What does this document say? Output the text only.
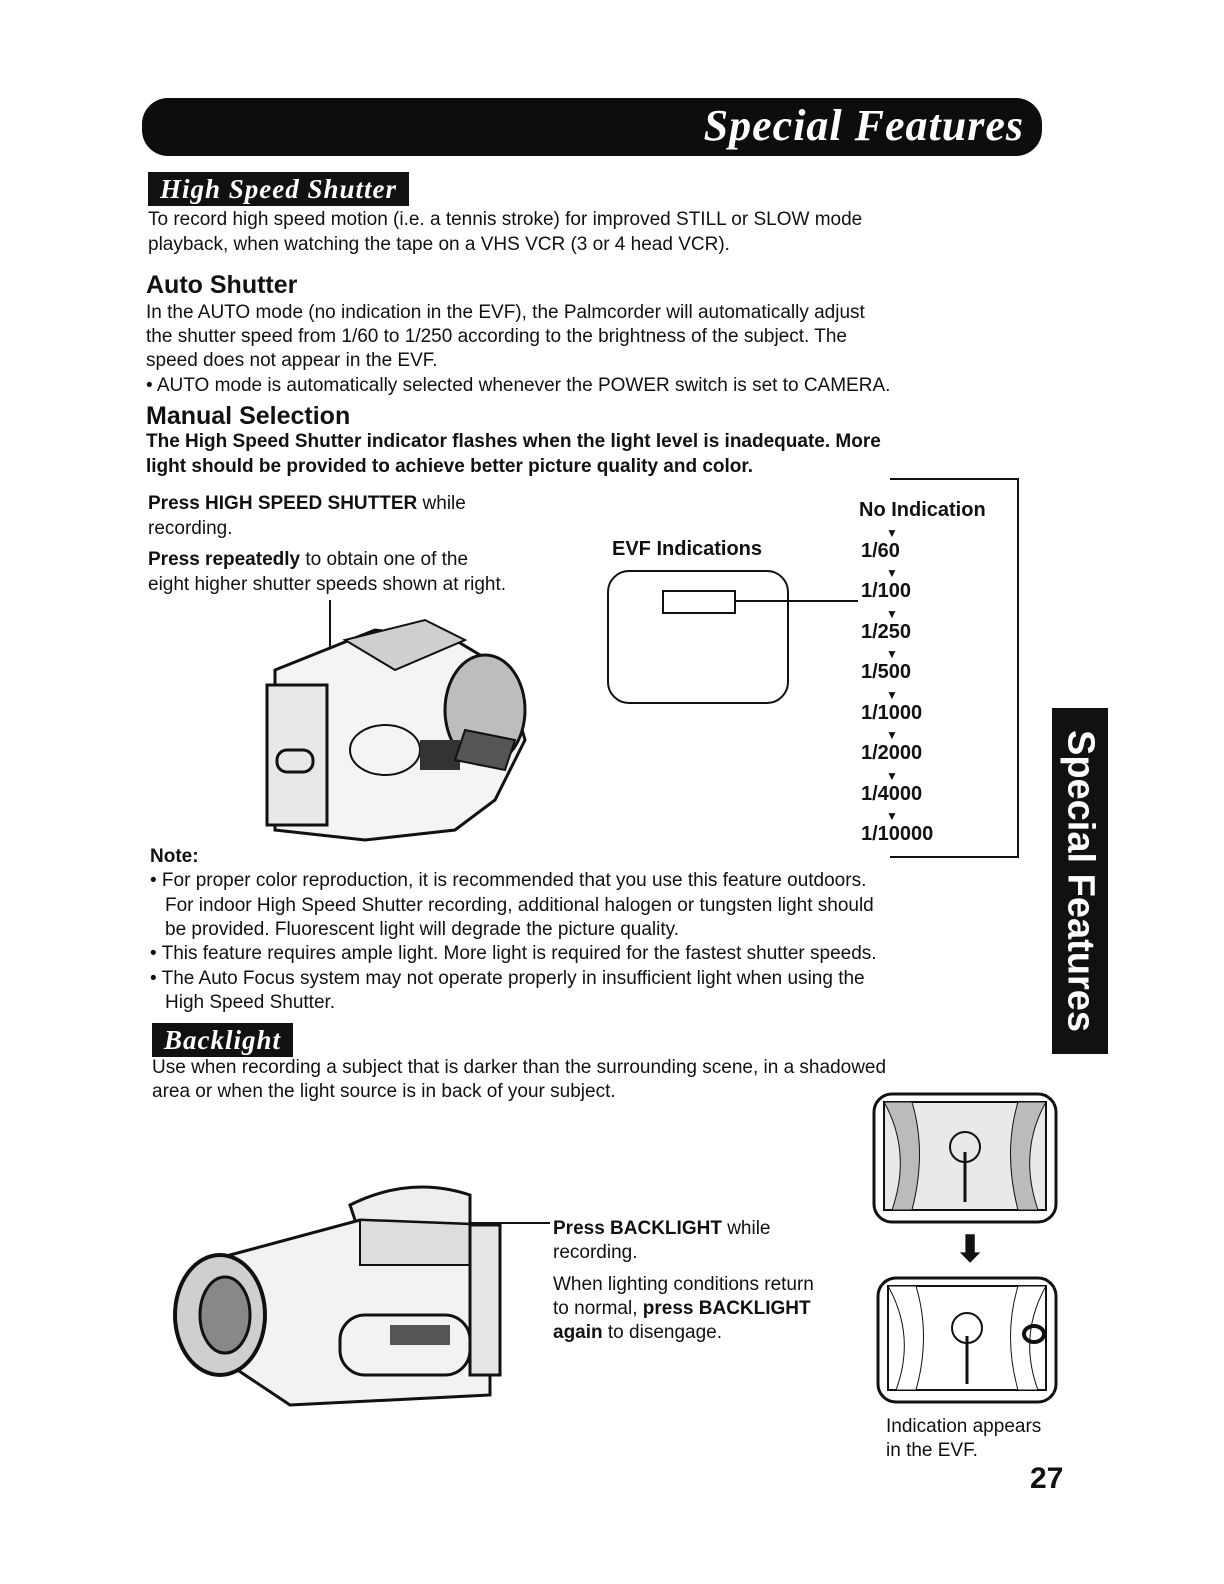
Special Features
Special Features
High Speed Shutter
To record high speed motion (i.e. a tennis stroke) for improved STILL or SLOW mode
playback, when watching the tape on a VHS VCR (3 or 4 head VCR).
Auto Shutter
In the AUTO mode (no indication in the EVF), the Palmcorder will automatically adjust
the shutter speed from 1/60 to 1/250 according to the brightness of the subject. The
speed does not appear in the EVF.
• AUTO mode is automatically selected whenever the POWER switch is set to CAMERA.
Manual Selection
The High Speed Shutter indicator flashes when the light level is inadequate. More
light should be provided to achieve better picture quality and color.
Press HIGH SPEED SHUTTER while
recording.
Press repeatedly to obtain one of the
eight higher shutter speeds shown at right.
EVF Indications
No Indication
1/60
1/100
1/250
1/500
1/1000
1/2000
1/4000
1/10000
▼
▼
▼
▼
▼
▼
▼
▼
Note:
• For proper color reproduction, it is recommended that you use this feature outdoors.
For indoor High Speed Shutter recording, additional halogen or tungsten light should
be provided. Fluorescent light will degrade the picture quality.
• This feature requires ample light. More light is required for the fastest shutter speeds.
• The Auto Focus system may not operate properly in insufficient light when using the
High Speed Shutter.
Backlight
Use when recording a subject that is darker than the surrounding scene, in a shadowed
area or when the light source is in back of your subject.
Press BACKLIGHT while
recording.
When lighting conditions return
to normal, press BACKLIGHT
again to disengage.
⬇
Indication appears
in the EVF.
27
